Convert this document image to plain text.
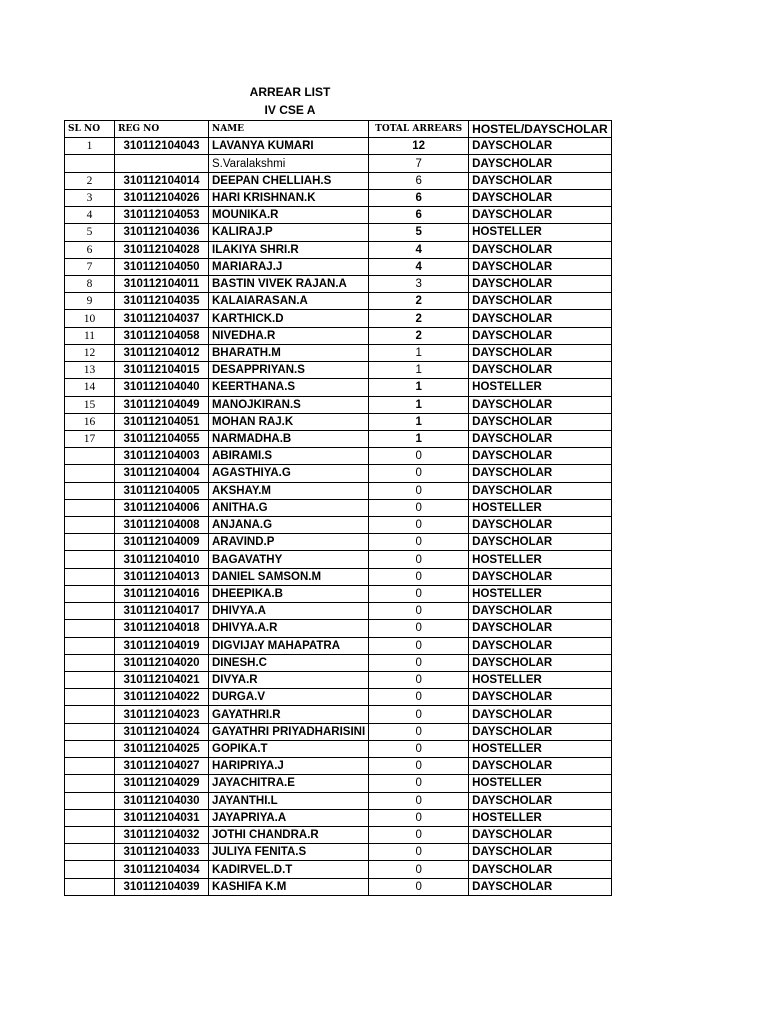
ARREAR LIST
IV CSE A
SL NO	REG NO	NAME	TOTAL ARREARS	HOSTEL/DAYSCHOLAR
1	310112104043	LAVANYA KUMARI	12	DAYSCHOLAR
		S.Varalakshmi	7	DAYSCHOLAR
2	310112104014	DEEPAN CHELLIAH.S	6	DAYSCHOLAR
3	310112104026	HARI KRISHNAN.K	6	DAYSCHOLAR
4	310112104053	MOUNIKA.R	6	DAYSCHOLAR
5	310112104036	KALIRAJ.P	5	HOSTELLER
6	310112104028	ILAKIYA SHRI.R	4	DAYSCHOLAR
7	310112104050	MARIARAJ.J	4	DAYSCHOLAR
8	310112104011	BASTIN VIVEK RAJAN.A	3	DAYSCHOLAR
9	310112104035	KALAIARASAN.A	2	DAYSCHOLAR
10	310112104037	KARTHICK.D	2	DAYSCHOLAR
11	310112104058	NIVEDHA.R	2	DAYSCHOLAR
12	310112104012	BHARATH.M	1	DAYSCHOLAR
13	310112104015	DESAPPRIYAN.S	1	DAYSCHOLAR
14	310112104040	KEERTHANA.S	1	HOSTELLER
15	310112104049	MANOJKIRAN.S	1	DAYSCHOLAR
16	310112104051	MOHAN RAJ.K	1	DAYSCHOLAR
17	310112104055	NARMADHA.B	1	DAYSCHOLAR
	310112104003	ABIRAMI.S	0	DAYSCHOLAR
	310112104004	AGASTHIYA.G	0	DAYSCHOLAR
	310112104005	AKSHAY.M	0	DAYSCHOLAR
	310112104006	ANITHA.G	0	HOSTELLER
	310112104008	ANJANA.G	0	DAYSCHOLAR
	310112104009	ARAVIND.P	0	DAYSCHOLAR
	310112104010	BAGAVATHY	0	HOSTELLER
	310112104013	DANIEL SAMSON.M	0	DAYSCHOLAR
	310112104016	DHEEPIKA.B	0	HOSTELLER
	310112104017	DHIVYA.A	0	DAYSCHOLAR
	310112104018	DHIVYA.A.R	0	DAYSCHOLAR
	310112104019	DIGVIJAY MAHAPATRA	0	DAYSCHOLAR
	310112104020	DINESH.C	0	DAYSCHOLAR
	310112104021	DIVYA.R	0	HOSTELLER
	310112104022	DURGA.V	0	DAYSCHOLAR
	310112104023	GAYATHRI.R	0	DAYSCHOLAR
	310112104024	GAYATHRI PRIYADHARISINI	0	DAYSCHOLAR
	310112104025	GOPIKA.T	0	HOSTELLER
	310112104027	HARIPRIYA.J	0	DAYSCHOLAR
	310112104029	JAYACHITRA.E	0	HOSTELLER
	310112104030	JAYANTHI.L	0	DAYSCHOLAR
	310112104031	JAYAPRIYA.A	0	HOSTELLER
	310112104032	JOTHI CHANDRA.R	0	DAYSCHOLAR
	310112104033	JULIYA FENITA.S	0	DAYSCHOLAR
	310112104034	KADIRVEL.D.T	0	DAYSCHOLAR
	310112104039	KASHIFA K.M	0	DAYSCHOLAR
